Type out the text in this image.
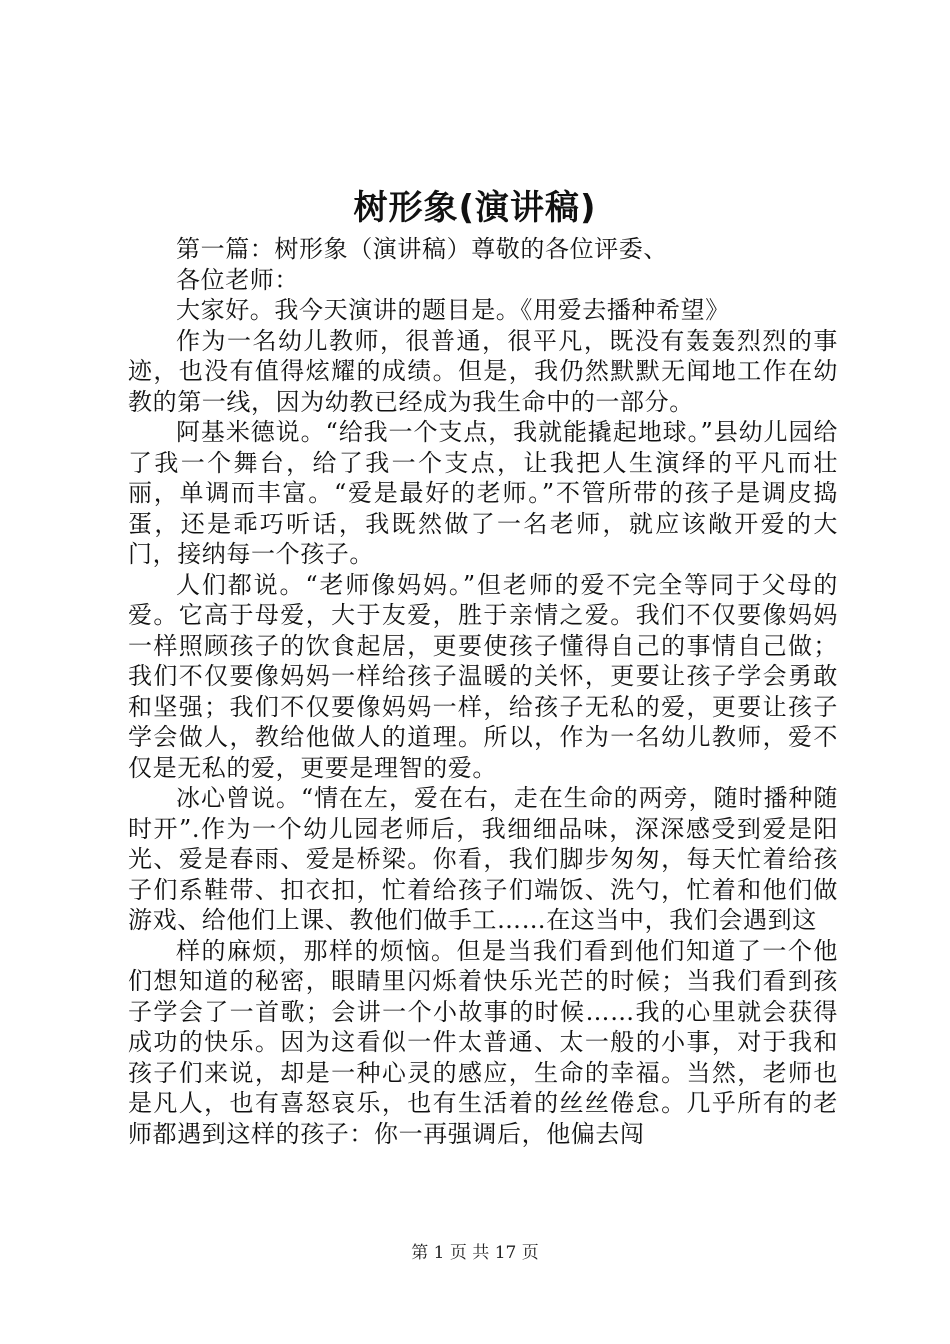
树形象(演讲稿)

第一篇：树形象（演讲稿）尊敬的各位评委、

各位老师：

大家好。我今天演讲的题目是。《用爱去播种希望》

作为一名幼儿教师，很普通，很平凡，既没有轰轰烈烈的事迹，也没有值得炫耀的成绩。但是，我仍然默默无闻地工作在幼教的第一线，因为幼教已经成为我生命中的一部分。

阿基米德说。“给我一个支点，我就能撬起地球。”县幼儿园给了我一个舞台，给了我一个支点，让我把人生演绎的平凡而壮丽，单调而丰富。“爱是最好的老师。”不管所带的孩子是调皮捣蛋，还是乖巧听话，我既然做了一名老师，就应该敞开爱的大门，接纳每一个孩子。

人们都说。“老师像妈妈。”但老师的爱不完全等同于父母的爱。它高于母爱，大于友爱，胜于亲情之爱。我们不仅要像妈妈一样照顾孩子的饮食起居，更要使孩子懂得自己的事情自己做；我们不仅要像妈妈一样给孩子温暖的关怀，更要让孩子学会勇敢和坚强；我们不仅要像妈妈一样，给孩子无私的爱，更要让孩子学会做人，教给他做人的道理。所以，作为一名幼儿教师，爱不仅是无私的爱，更要是理智的爱。

冰心曾说。“情在左，爱在右，走在生命的两旁，随时播种随时开”.作为一个幼儿园老师后，我细细品味，深深感受到爱是阳光、爱是春雨、爱是桥梁。你看，我们脚步匆匆，每天忙着给孩子们系鞋带、扣衣扣，忙着给孩子们端饭、洗勺，忙着和他们做游戏、给他们上课、教他们做手工……在这当中，我们会遇到这

样的麻烦，那样的烦恼。但是当我们看到他们知道了一个他们想知道的秘密，眼睛里闪烁着快乐光芒的时候；当我们看到孩子学会了一首歌；会讲一个小故事的时候……我的心里就会获得成功的快乐。因为这看似一件太普通、太一般的小事，对于我和孩子们来说，却是一种心灵的感应，生命的幸福。当然，老师也是凡人，也有喜怒哀乐，也有生活着的丝丝倦怠。几乎所有的老师都遇到这样的孩子：你一再强调后，他偏去闯

第 1 页 共 17 页
